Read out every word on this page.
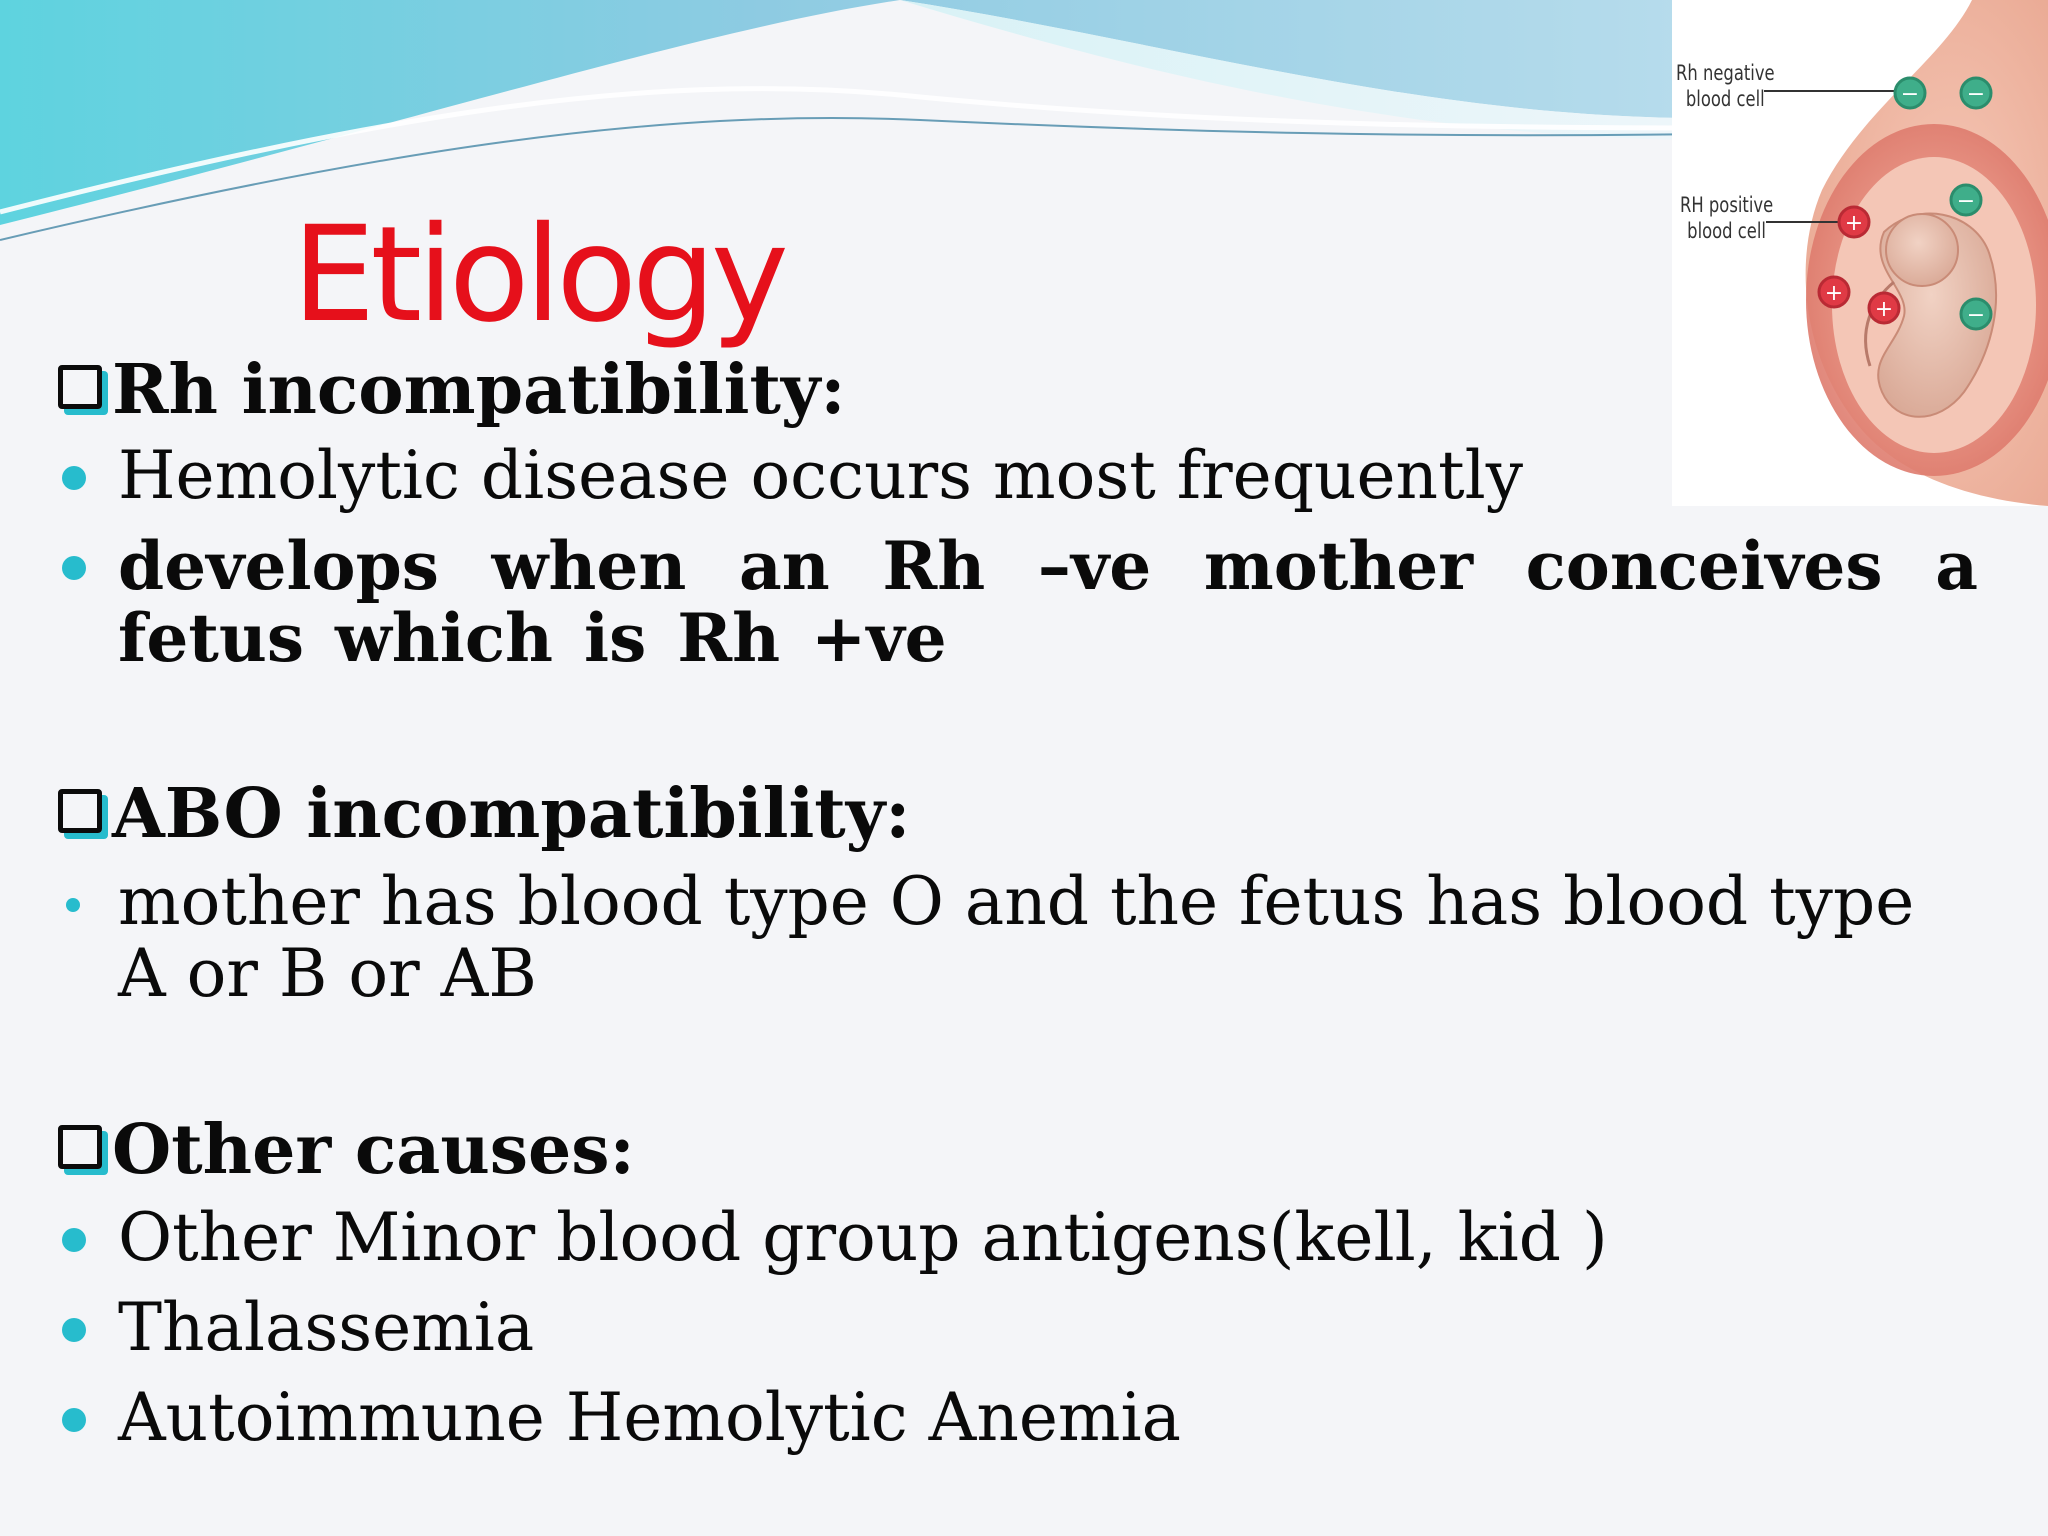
Etiology
Rh negative
blood cell
RH positive
blood cell
− −
−
−
+
+
+
Rh incompatibility:

Hemolytic disease occurs most frequently

develops when an Rh –ve mother conceives a fetus which is Rh +ve

ABO incompatibility:

mother has blood type O and the fetus has blood type A or B or AB

Other causes:

Other Minor blood group antigens(kell, kid )

Thalassemia

Autoimmune Hemolytic Anemia
